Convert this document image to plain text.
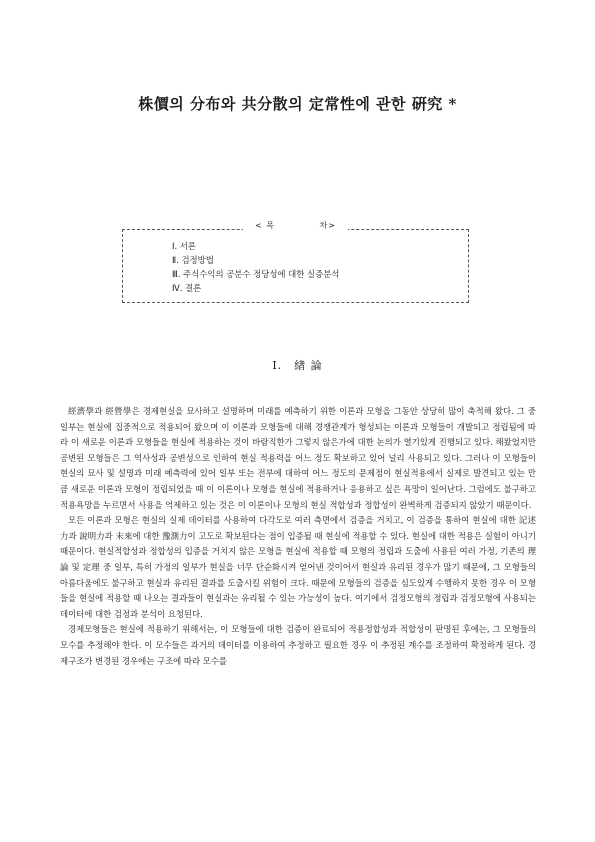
株價의 分布와 共分散의 定常性에 관한 硏究 *
< 목	차>
Ⅰ. 서론
Ⅱ. 검정방법
Ⅲ. 주식수익의 공분수 정당성에 대한 실증분석
Ⅳ. 결론
Ⅰ. 緖 論

經濟學과 經營學은 경제현실을 묘사하고 설명하며 미래를 예측하기 위한 이론과 모형을 그동안 상당히 많이 축적해 왔다. 그 중 일부는 현실에 집중적으로 적용되어 왔으며 이 이론과 모형들에 대해 경쟁관계가 형성되는 이론과 모형들이 개발되고 정립됨에 따라 이 새로운 이론과 모형들을 현실에 적용하는 것이 바람직한가 그렇지 않은가에 대한 논의가 열기있게 진행되고 있다. 해왔었지만 공변된 모형들은 그 역사성과 공변성으로 인하여 현실 적용력을 어느 정도 확보하고 있어 널리 사용되고 있다. 그러나 이 모형들이 현실의 묘사 및 설명과 미래 예측력에 있어 일부 또는 전부에 대하여 어느 정도의 문제점이 현실적용에서 실제로 발견되고 있는 만큼 새로운 이론과 모형이 정립되었을 때 이 이론이나 모형을 현실에 적용하거나 응용하고 싶은 욕망이 일어난다. 그럼에도 불구하고 적용욕망을 누르면서 사용을 억제하고 있는 것은 이 이론이나 모형의 현실 적합성과 정합성이 완벽하게 검증되지 않았기 때문이다.

모든 이론과 모형은 현실의 실제 데이터를 사용하여 다각도로 여러 측면에서 검증을 거치고, 이 검증을 통하여 현실에 대한 記述力과 說明力과 未來에 대한 豫測力이 고도로 확보된다는 점이 입증될 때 현실에 적용할 수 있다. 현실에 대한 적용은 실험이 아니기 때문이다. 현실적합성과 정합성의 입증을 거치지 않은 모형을 현실에 적용할 때 모형의 정립과 도출에 사용된 여러 가정, 기존의 理論 및 定理 중 일부, 특히 가정의 일부가 현실을 너무 단순화시켜 얻어낸 것이어서 현실과 유리된 경우가 많기 때문에, 그 모형들의 아름다움에도 불구하고 현실과 유리된 결과를 도출시킬 위험이 크다. 때문에 모형들의 검증을 심도있게 수행하지 못한 경우 이 모형들을 현실에 적용할 때 나오는 결과들이 현실과는 유리될 수 있는 가능성이 높다. 여기에서 검정모형의 정립과 검정모형에 사용되는 데이터에 대한 검정과 분석이 요청된다.

경제모형들은 현실에 적용하기 위해서는, 이 모형들에 대한 검증이 완료되어 적용정합성과 적합성이 판명된 후에는, 그 모형들의 모수를 추정해야 한다. 이 모수들은 과거의 데이터를 이용하여 추정하고 필요한 경우 이 추정된 계수를 조정하여 확정하게 된다. 경제구조가 변경된 경우에는 구조에 따라 모수를
